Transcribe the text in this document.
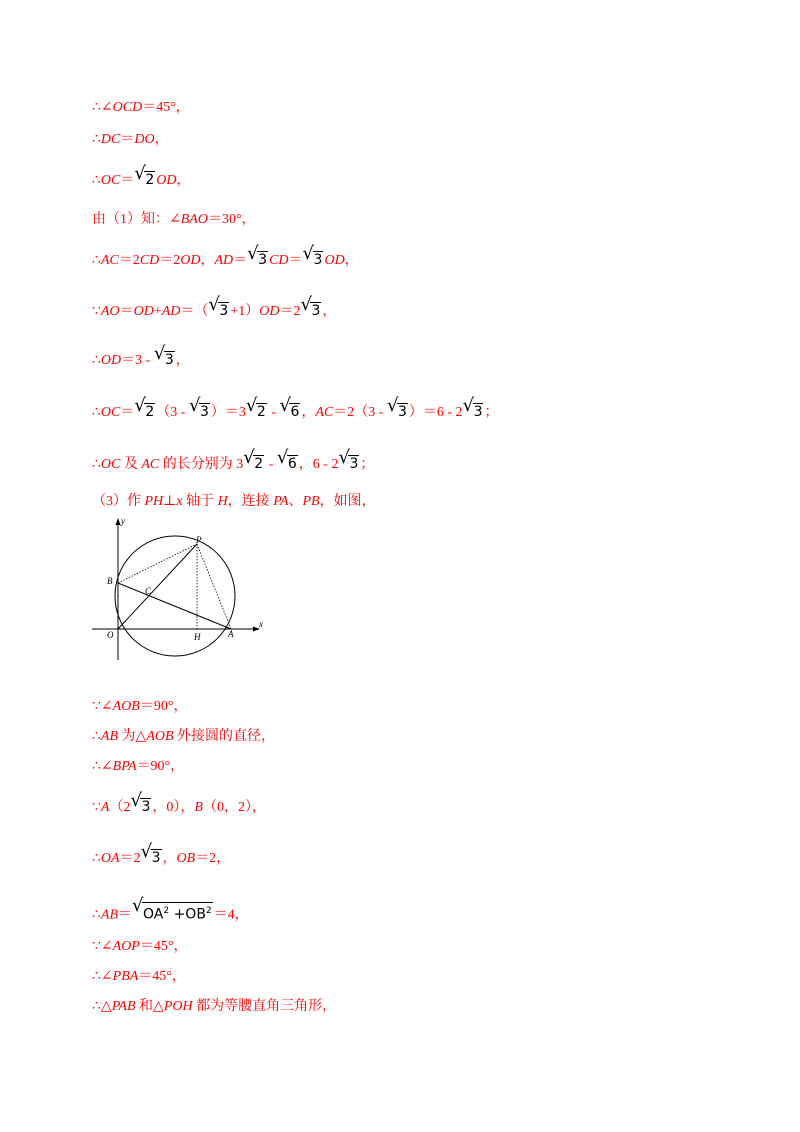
∴∠OCD＝45°，
∴DC＝DO，
∴OC＝ √ 2 OD，
由（1）知：∠BAO＝30°，
∴AC＝2CD＝2OD，AD＝ √ 3 CD＝ √ 3 OD，
∵AO＝OD+AD＝（ √ 3 +1）OD＝2 √ 3 ，
∴OD＝3 - √ 3 ，
∴OC＝ √ 2 （3 - √ 3 ）＝3 √ 2 - √ 6 ，AC＝2（3 - √ 3 ）＝6 - 2 √ 3 ；
∴OC 及 AC 的长分别为 3 √ 2 - √ 6 ，6 - 2 √ 3 ；
（3）作 PH⊥x 轴于 H，连接 PA、PB，如图，
y
x
P
B
C
O	H	A
∵∠AOB＝90°，
∴AB 为△AOB 外接圆的直径，
∴∠BPA＝90°，
∵A（2 √ 3 ，0），B（0，2），
∴OA＝2 √ 3 ，OB＝2，
∴AB＝ √ $OA^2 +OB^2 =4$，
∵∠AOP＝45°，
∴∠PBA＝45°，
∴△PAB 和△POH 都为等腰直角三角形，
